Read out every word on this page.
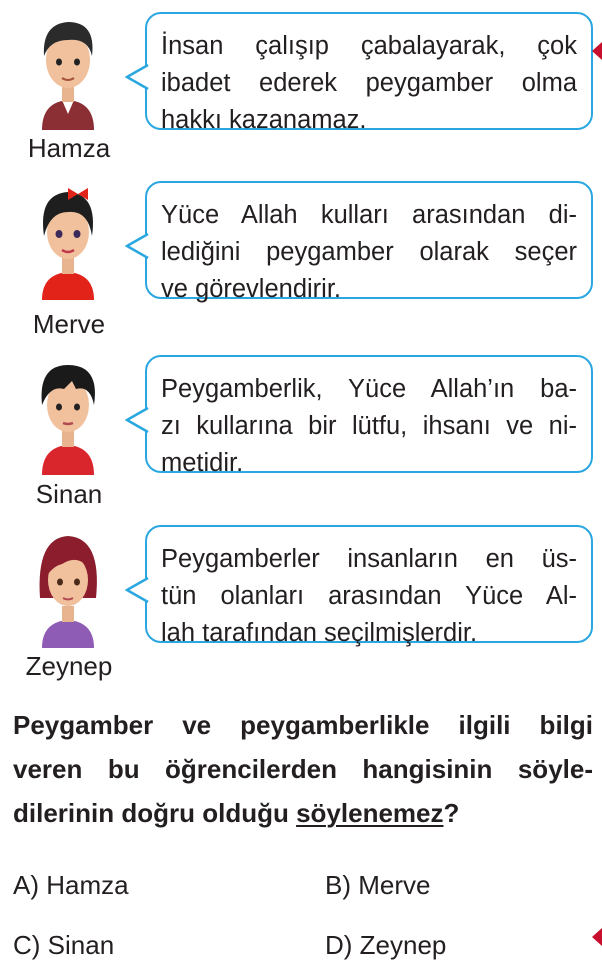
Hamza
İnsan çalışıp çabalayarak, çok
ibadet ederek peygamber olma
hakkı kazanamaz.
Merve
Yüce Allah kulları arasından di-
lediğini peygamber olarak seçer
ve görevlendirir.
Sinan
Peygamberlik, Yüce Allah’ın ba-
zı kullarına bir lütfu, ihsanı ve ni-
metidir.
Zeynep
Peygamberler insanların en üs-
tün olanları arasından Yüce Al-
lah tarafından seçilmişlerdir.
Peygamber ve peygamberlikle ilgili bilgi
veren bu öğrencilerden hangisinin söyle-
dilerinin doğru olduğu söylenemez?
A) Hamza	B) Merve
C) Sinan	D) Zeynep
